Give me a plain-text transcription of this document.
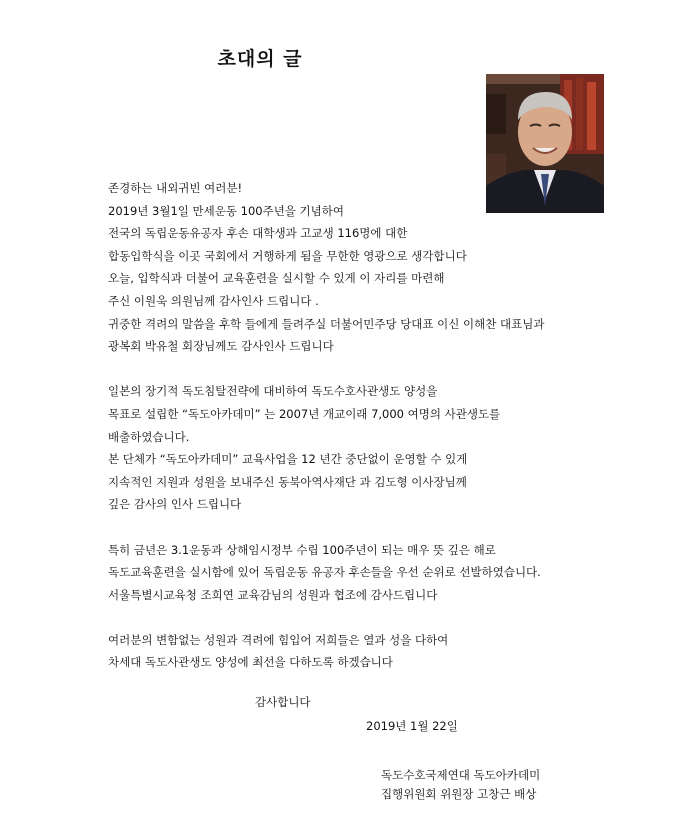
초대의 글
존경하는 내외귀빈 여러분!
2019년 3월1일 만세운동 100주년을 기념하여
전국의 독립운동유공자 후손 대학생과 고교생 116명에 대한
합동입학식을 이곳 국회에서 거행하게 됨을 무한한 영광으로 생각합니다
오늘, 입학식과 더불어 교육훈련을 실시할 수 있게 이 자리를 마련해
주신 이원욱 의원님께 감사인사 드립니다 .
귀중한 격려의 말씀을 후학 들에게 들려주실 더불어민주당 당대표 이신 이해찬 대표님과
광복회 박유철 회장님께도 감사인사 드립니다
일본의 장기적 독도침탈전략에 대비하여 독도수호사관생도 양성을
목표로 설립한 “독도아카데미” 는 2007년 개교이래 7,000 여명의 사관생도를
배출하였습니다.
본 단체가 “독도아카데미” 교육사업을 12 년간 중단없이 운영할 수 있게
지속적인 지원과 성원을 보내주신 동북아역사재단 과 김도형 이사장님께
깊은 감사의 인사 드립니다
특히 금년은 3.1운동과 상해임시정부 수립 100주년이 되는 매우 뜻 깊은 해로
독도교육훈련을 실시함에 있어 독립운동 유공자 후손들을 우선 순위로 선발하였습니다.
서울특별시교육청 조희연 교육감님의 성원과 협조에 감사드립니다
여러분의 변함없는 성원과 격려에 힘입어 저희들은 열과 성을 다하여
차세대 독도사관생도 양성에 최선을 다하도록 하겠습니다
감사합니다
2019년 1월 22일
독도수호국제연대 독도아카데미
집행위원회 위원장 고창근 배상
